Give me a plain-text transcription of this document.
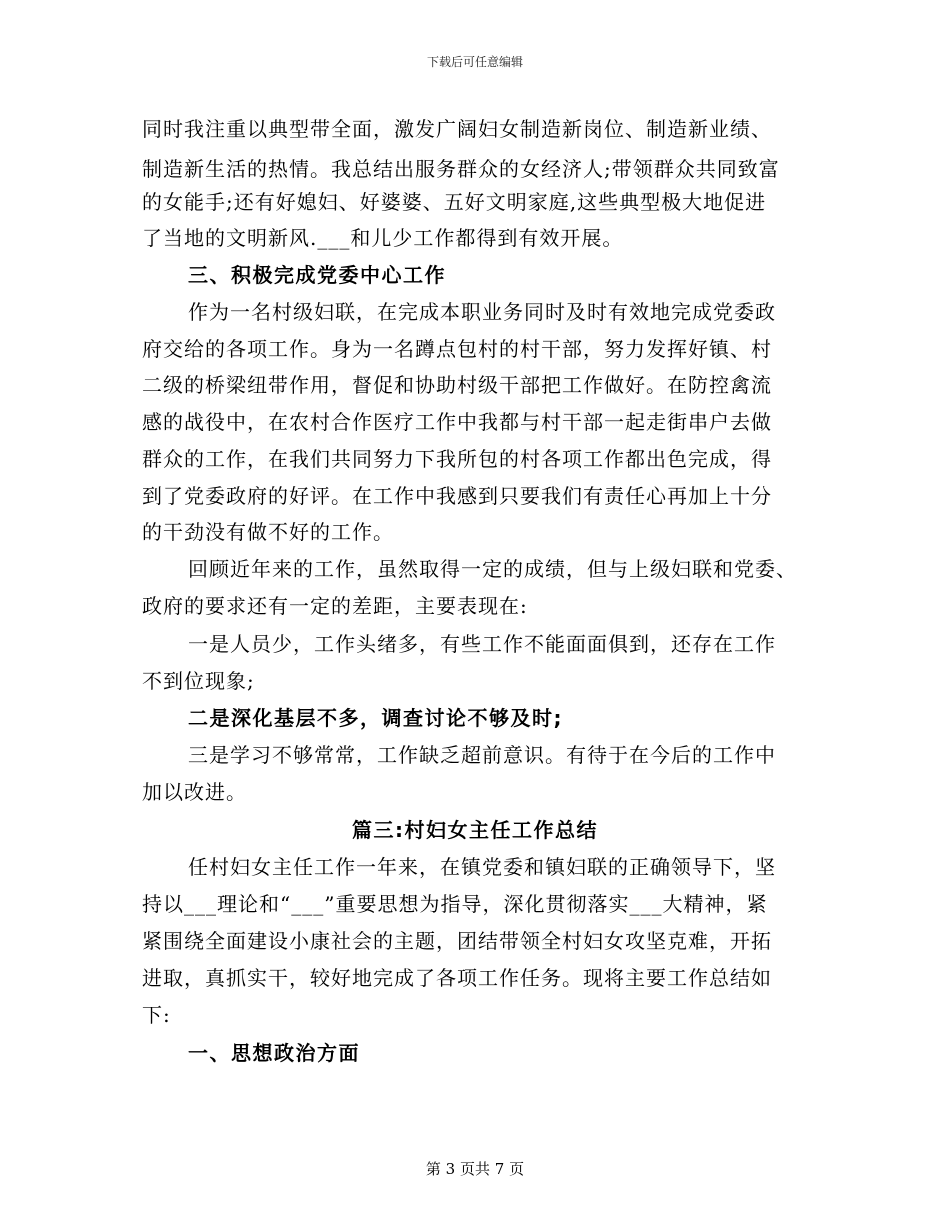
下载后可任意编辑
同时我注重以典型带全面，激发广阔妇女制造新岗位、制造新业绩、
制造新生活的热情。我总结出服务群众的女经济人;带领群众共同致富
的女能手;还有好媳妇、好婆婆、五好文明家庭,这些典型极大地促进
了当地的文明新风.___和儿少工作都得到有效开展。
三、积极完成党委中心工作
作为一名村级妇联，在完成本职业务同时及时有效地完成党委政
府交给的各项工作。身为一名蹲点包村的村干部，努力发挥好镇、村
二级的桥梁纽带作用，督促和协助村级干部把工作做好。在防控禽流
感的战役中，在农村合作医疗工作中我都与村干部一起走街串户去做
群众的工作，在我们共同努力下我所包的村各项工作都出色完成，得
到了党委政府的好评。在工作中我感到只要我们有责任心再加上十分
的干劲没有做不好的工作。
回顾近年来的工作，虽然取得一定的成绩，但与上级妇联和党委、
政府的要求还有一定的差距，主要表现在:
一是人员少，工作头绪多，有些工作不能面面俱到，还存在工作
不到位现象;
二是深化基层不多，调查讨论不够及时;
三是学习不够常常，工作缺乏超前意识。有待于在今后的工作中
加以改进。
篇三:村妇女主任工作总结
任村妇女主任工作一年来，在镇党委和镇妇联的正确领导下，坚
持以___理论和“___”重要思想为指导，深化贯彻落实___大精神，紧
紧围绕全面建设小康社会的主题，团结带领全村妇女攻坚克难，开拓
进取，真抓实干，较好地完成了各项工作任务。现将主要工作总结如
下:
一、思想政治方面
第 3 页共 7 页
